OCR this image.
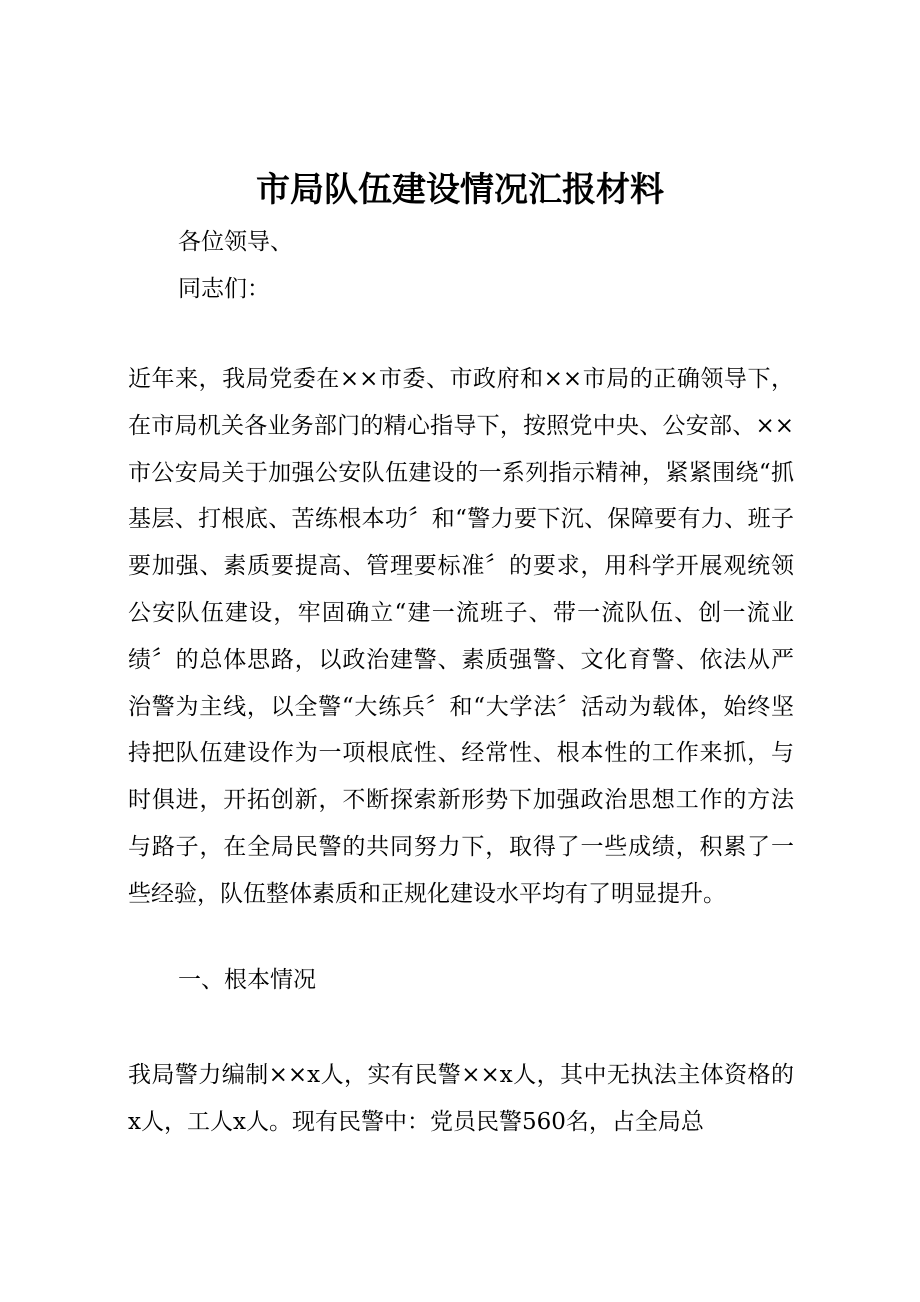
市局队伍建设情况汇报材料

各位领导、

同志们：

近年来，我局党委在××市委、市政府和××市局的正确领导下，在市局机关各业务部门的精心指导下，按照党中央、公安部、××市公安局关于加强公安队伍建设的一系列指示精神，紧紧围绕“抓基层、打根底、苦练根本功〞和“警力要下沉、保障要有力、班子要加强、素质要提高、管理要标准〞的要求，用科学开展观统领公安队伍建设，牢固确立“建一流班子、带一流队伍、创一流业绩〞的总体思路，以政治建警、素质强警、文化育警、依法从严治警为主线，以全警“大练兵〞和“大学法〞活动为载体，始终坚持把队伍建设作为一项根底性、经常性、根本性的工作来抓，与时俱进，开拓创新，不断探索新形势下加强政治思想工作的方法与路子，在全局民警的共同努力下，取得了一些成绩，积累了一些经验，队伍整体素质和正规化建设水平均有了明显提升。

一、根本情况

我局警力编制××x人，实有民警××x人，其中无执法主体资格的x人，工人x人。现有民警中：党员民警560名，占全局总
